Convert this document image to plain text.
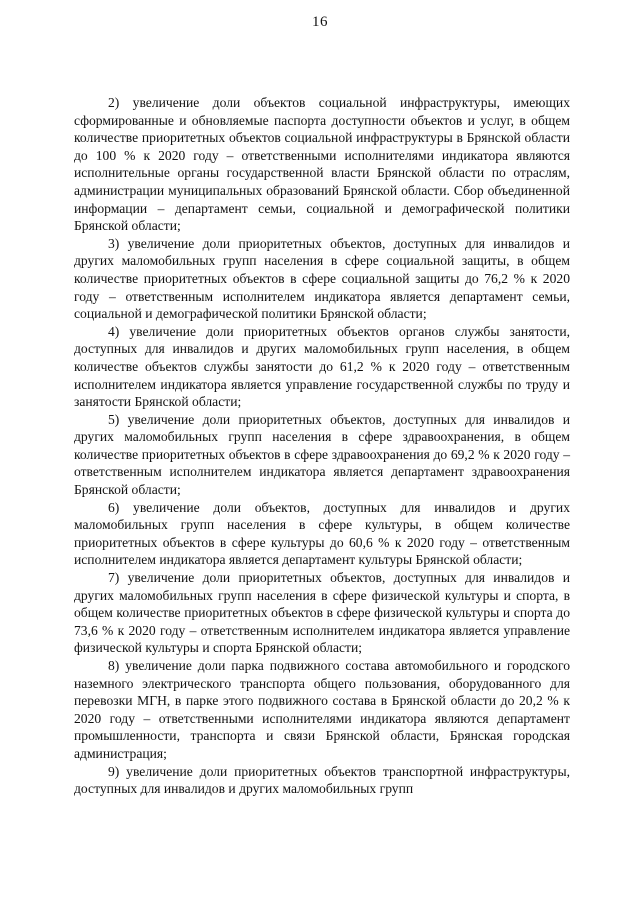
16

2) увеличение доли объектов социальной инфраструктуры, имеющих сформированные и обновляемые паспорта доступности объектов и услуг, в общем количестве приоритетных объектов социальной инфраструктуры в Брянской области до 100 % к 2020 году – ответственными исполнителями индикатора являются исполнительные органы государственной власти Брянской области по отраслям, администрации муниципальных образований Брянской области. Сбор объединенной информации – департамент семьи, социальной и демографической политики Брянской области;

3) увеличение доли приоритетных объектов, доступных для инвалидов и других маломобильных групп населения в сфере социальной защиты, в общем количестве приоритетных объектов в сфере социальной защиты до 76,2 % к 2020 году – ответственным исполнителем индикатора является департамент семьи, социальной и демографической политики Брянской области;

4) увеличение доли приоритетных объектов органов службы занятости, доступных для инвалидов и других маломобильных групп населения, в общем количестве объектов службы занятости до 61,2 % к 2020 году – ответственным исполнителем индикатора является управление государственной службы по труду и занятости Брянской области;

5) увеличение доли приоритетных объектов, доступных для инвалидов и других маломобильных групп населения в сфере здравоохранения, в общем количестве приоритетных объектов в сфере здравоохранения до 69,2 % к 2020 году – ответственным исполнителем индикатора является департамент здравоохранения Брянской области;

6) увеличение доли объектов, доступных для инвалидов и других маломобильных групп населения в сфере культуры, в общем количестве приоритетных объектов в сфере культуры до 60,6 % к 2020 году – ответственным исполнителем индикатора является департамент культуры Брянской области;

7) увеличение доли приоритетных объектов, доступных для инвалидов и других маломобильных групп населения в сфере физической культуры и спорта, в общем количестве приоритетных объектов в сфере физической культуры и спорта до 73,6 % к 2020 году – ответственным исполнителем индикатора является управление физической культуры и спорта Брянской области;

8) увеличение доли парка подвижного состава автомобильного и городского наземного электрического транспорта общего пользования, оборудованного для перевозки МГН, в парке этого подвижного состава в Брянской области до 20,2 % к 2020 году – ответственными исполнителями индикатора являются департамент промышленности, транспорта и связи Брянской области, Брянская городская администрация;

9) увеличение доли приоритетных объектов транспортной инфраструктуры, доступных для инвалидов и других маломобильных групп
